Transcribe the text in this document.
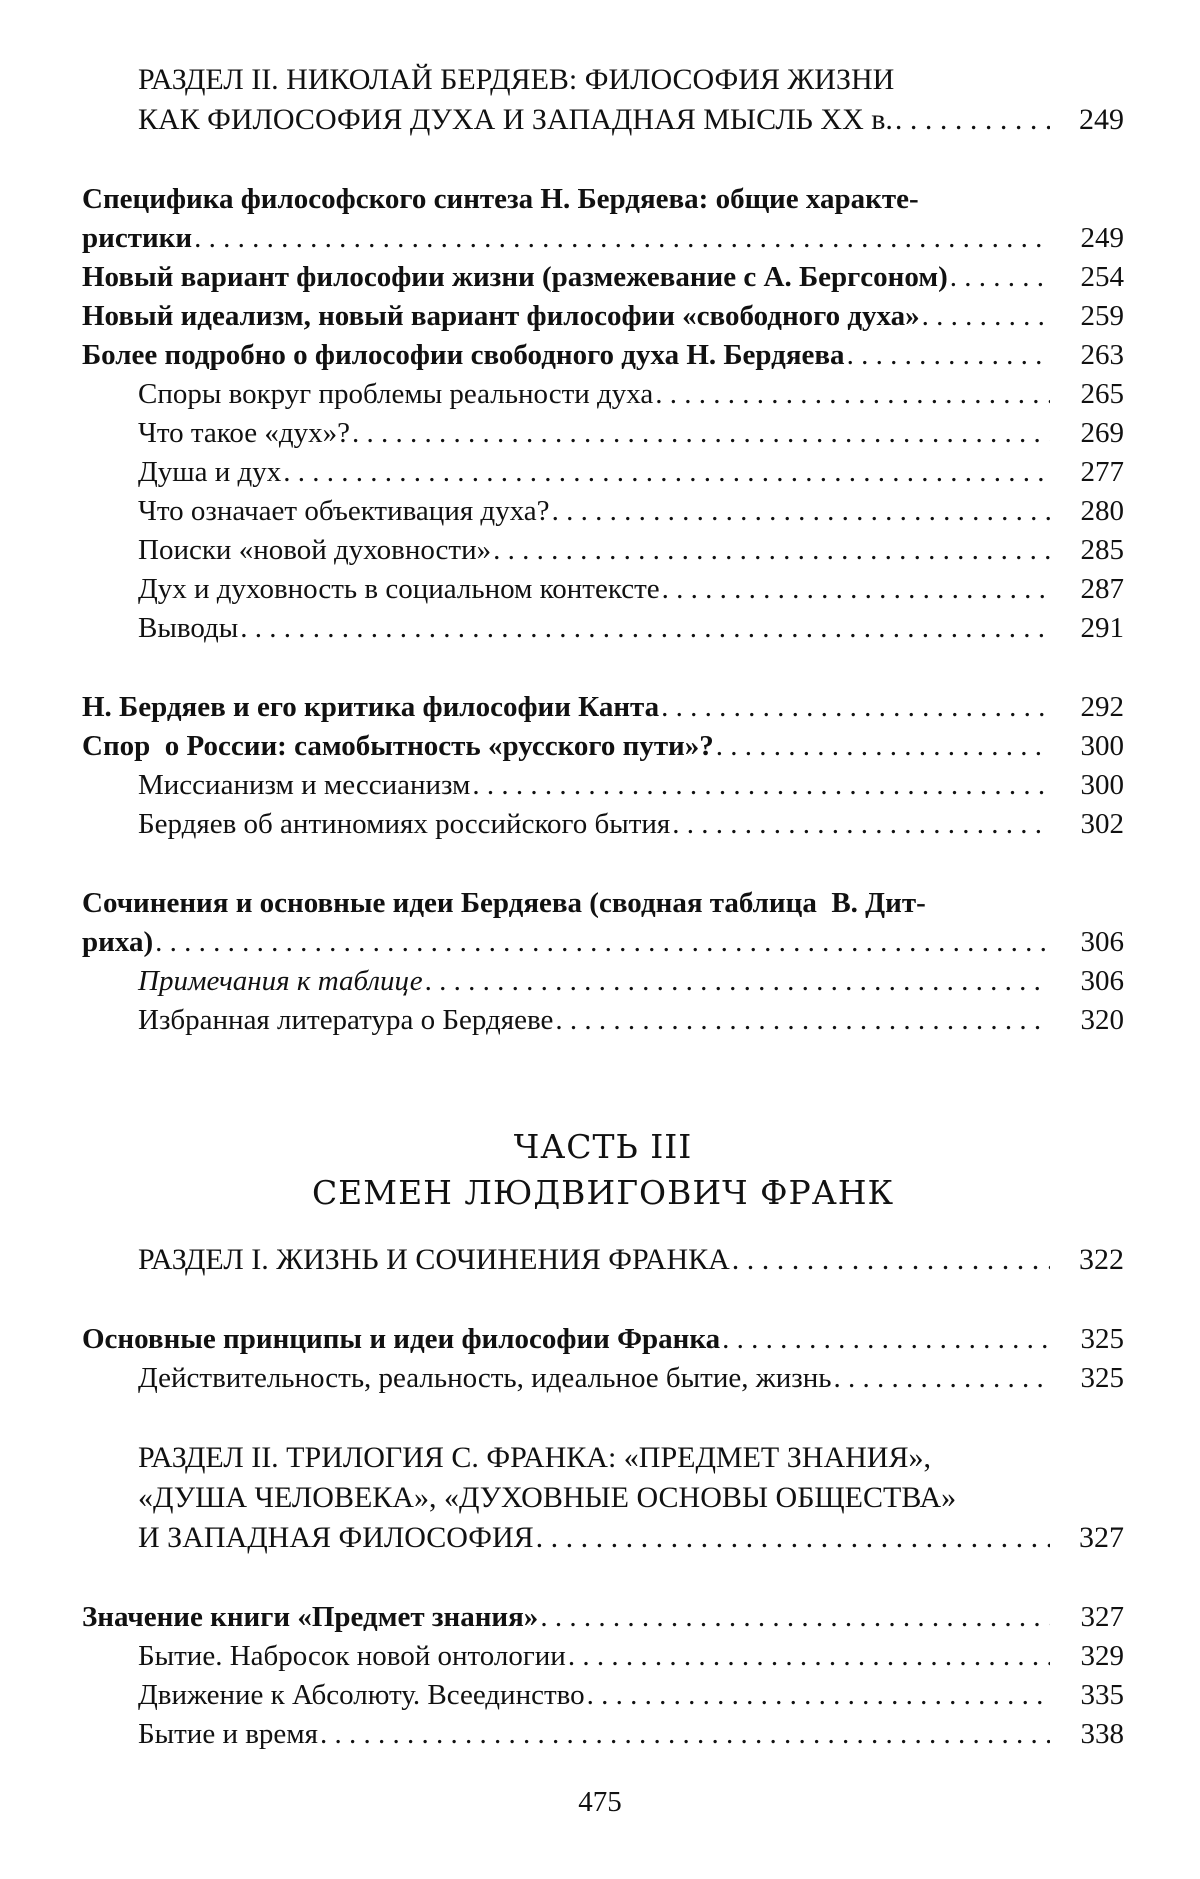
РАЗДЕЛ II. НИКОЛАЙ БЕРДЯЕВ: ФИЛОСОФИЯ ЖИЗНИ
КАК ФИЛОСОФИЯ ДУХА И ЗАПАДНАЯ МЫСЛЬ XX в. . . .	249
Специфика философского синтеза Н. Бердяева: общие характе-
ристики . . .	249
Новый вариант философии жизни (размежевание с А. Бергсоном) . . .	254
Новый идеализм, новый вариант философии «свободного духа» . . .	259
Более подробно о философии свободного духа Н. Бердяева . . .	263
Споры вокруг проблемы реальности духа . . .	265
Что такое «дух»? . . .	269
Душа и дух . . .	277
Что означает объективация духа? . . .	280
Поиски «новой духовности» . . .	285
Дух и духовность в социальном контексте . . .	287
Выводы . . .	291
Н. Бердяев и его критика философии Канта . . .	292
Спор  о России: самобытность «русского пути»? . . .	300
Миссианизм и мессианизм . . .	300
Бердяев об антиномиях российского бытия . . .	302
Сочинения и основные идеи Бердяева (сводная таблица  В. Дит-
риха) . . .	306
Примечания к таблице . . .	306
Избранная литература о Бердяеве . . .	320
ЧАСТЬ III
СЕМЕН ЛЮДВИГОВИЧ ФРАНК
РАЗДЕЛ I. ЖИЗНЬ И СОЧИНЕНИЯ ФРАНКА . . .	322
Основные принципы и идеи философии Франка . . .	325
Действительность, реальность, идеальное бытие, жизнь . . .	325
РАЗДЕЛ II. ТРИЛОГИЯ С. ФРАНКА: «ПРЕДМЕТ ЗНАНИЯ»,
«ДУША ЧЕЛОВЕКА», «ДУХОВНЫЕ ОСНОВЫ ОБЩЕСТВА»
И ЗАПАДНАЯ ФИЛОСОФИЯ . . .	327
Значение книги «Предмет знания» . . .	327
Бытие. Набросок новой онтологии . . .	329
Движение к Абсолюту. Всеединство . . .	335
Бытие и время . . .	338
475
